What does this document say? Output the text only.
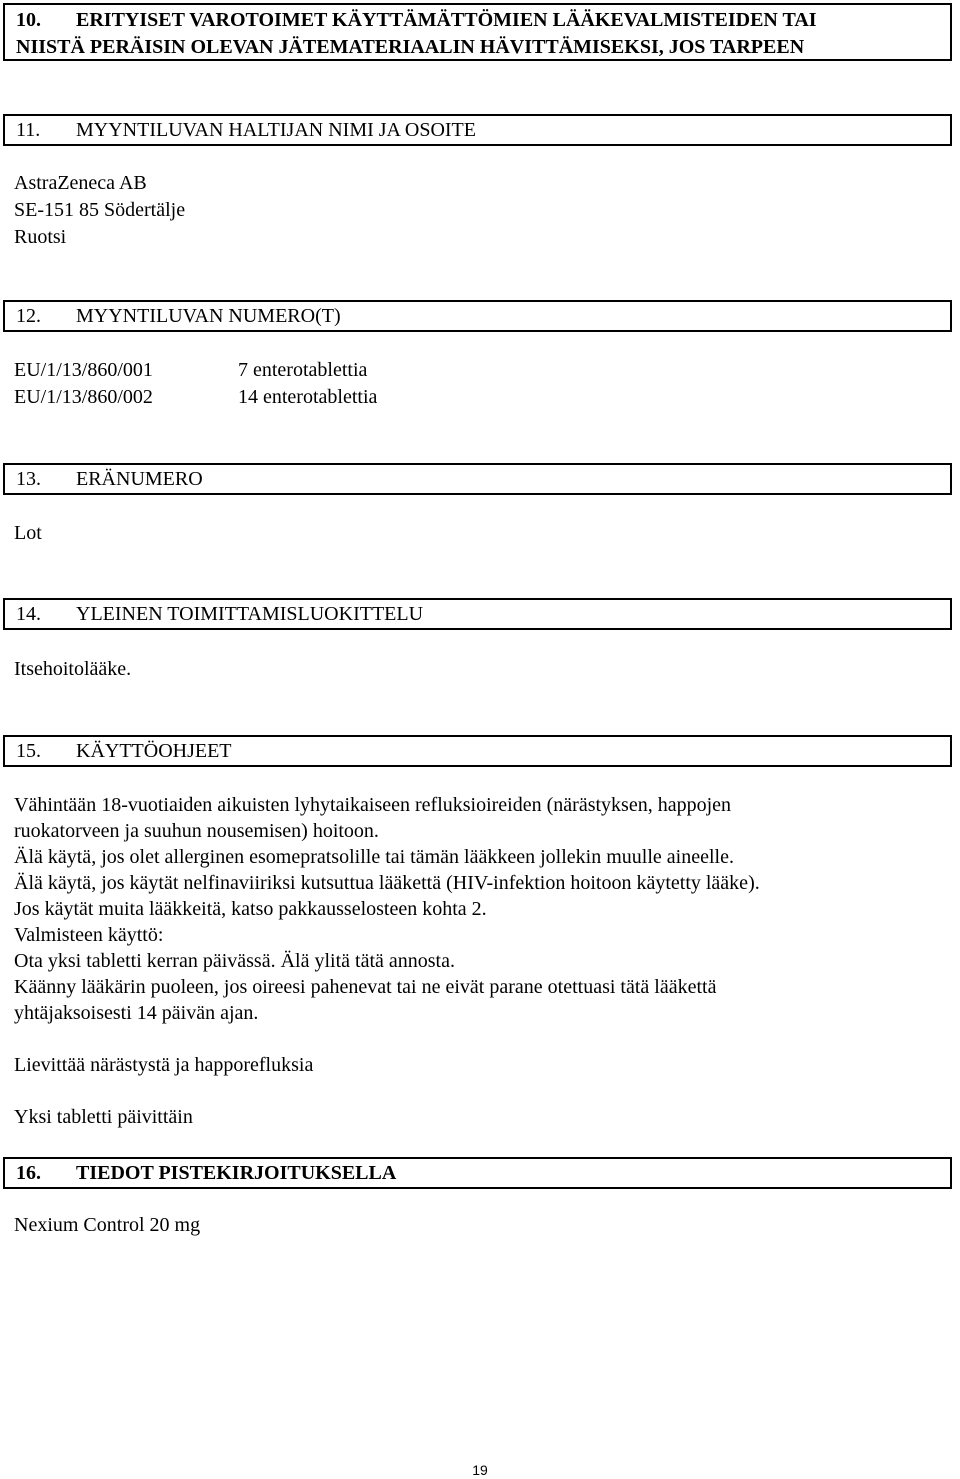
10. ERITYISET VAROTOIMET KÄYTTÄMÄTTÖMIEN LÄÄKEVALMISTEIDEN TAI
NIISTÄ PERÄISIN OLEVAN JÄTEMATERIAALIN HÄVITTÄMISEKSI, JOS TARPEEN
11. MYYNTILUVAN HALTIJAN NIMI JA OSOITE
AstraZeneca AB
SE-151 85 Södertälje
Ruotsi
12. MYYNTILUVAN NUMERO(T)
EU/1/13/860/001	7 enterotablettia
EU/1/13/860/002	14 enterotablettia
13. ERÄNUMERO
Lot
14. YLEINEN TOIMITTAMISLUOKITTELU
Itsehoitolääke.
15. KÄYTTÖOHJEET
Vähintään 18-vuotiaiden aikuisten lyhytaikaiseen refluksioireiden (närästyksen, happojen
ruokatorveen ja suuhun nousemisen) hoitoon.
Älä käytä, jos olet allerginen esomepratsolille tai tämän lääkkeen jollekin muulle aineelle.
Älä käytä, jos käytät nelfinaviiriksi kutsuttua lääkettä (HIV-infektion hoitoon käytetty lääke).
Jos käytät muita lääkkeitä, katso pakkausselosteen kohta 2.
Valmisteen käyttö:
Ota yksi tabletti kerran päivässä. Älä ylitä tätä annosta.
Käänny lääkärin puoleen, jos oireesi pahenevat tai ne eivät parane otettuasi tätä lääkettä
yhtäjaksoisesti 14 päivän ajan.
Lievittää närästystä ja happorefluksia
Yksi tabletti päivittäin
16. TIEDOT PISTEKIRJOITUKSELLA
Nexium Control 20 mg
19
